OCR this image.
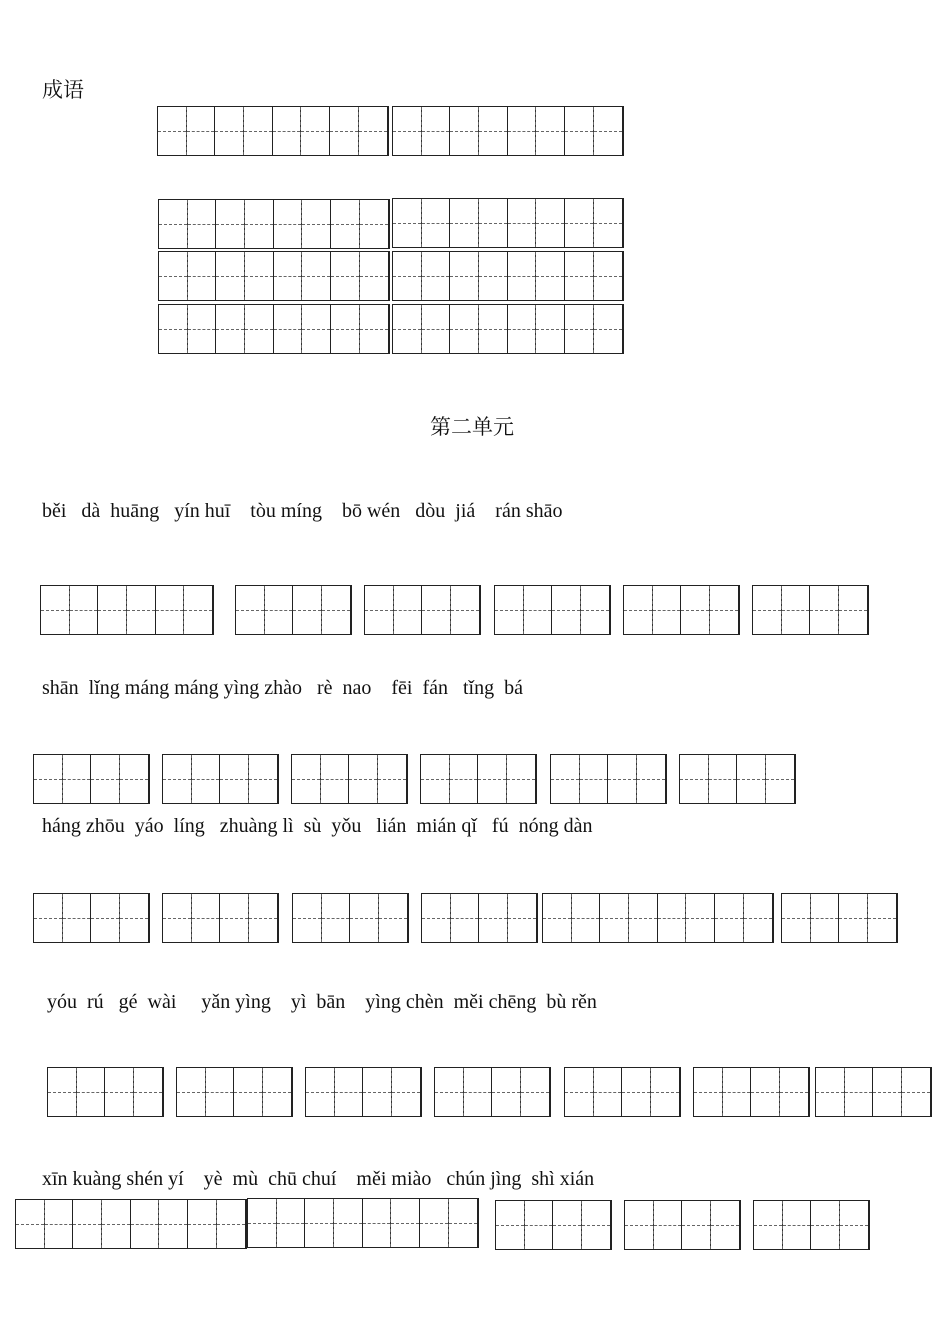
成语
第二单元
běi   dà  huāng   yín huī    tòu míng    bō wén   dòu  jiá    rán shāo
shān  lǐng máng máng yìng zhào   rè  nao    fēi  fán   tǐng  bá
háng zhōu  yáo  líng   zhuàng lì  sù  yǒu   lián  mián qǐ   fú  nóng dàn
yóu  rú   gé  wài     yǎn yìng    yì  bān    yìng chèn  měi chēng  bù rěn
xīn kuàng shén yí    yè  mù  chū chuí    měi miào   chún jìng  shì xián
